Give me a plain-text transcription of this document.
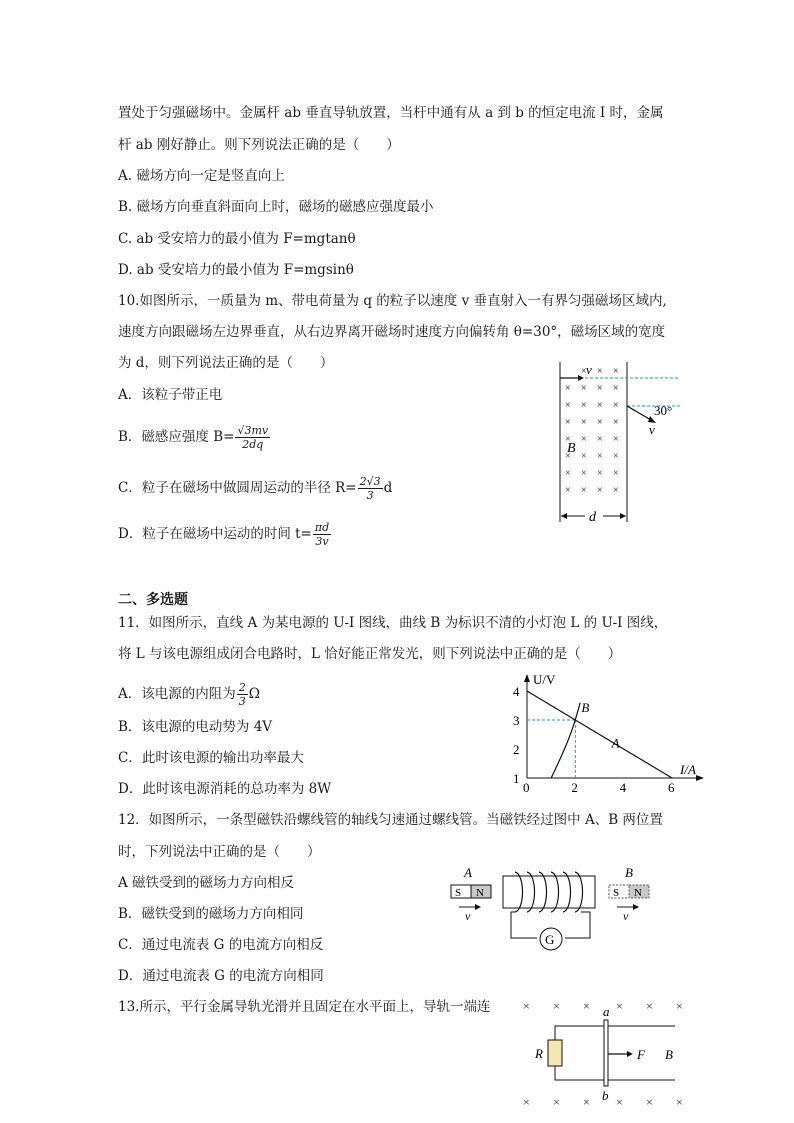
置处于匀强磁场中。金属杆 ab 垂直导轨放置，当杆中通有从 a 到 b 的恒定电流 I 时，金属
杆 ab 刚好静止。则下列说法正确的是（　　）
A. 磁场方向一定是竖直向上
B. 磁场方向垂直斜面向上时，磁场的磁感应强度最小
C. ab 受安培力的最小值为 F=mgtanθ
D. ab 受安培力的最小值为 F=mgsinθ
10.如图所示，一质量为 m、带电荷量为 q 的粒子以速度 v 垂直射入一有界匀强磁场区域内,
速度方向跟磁场左边界垂直，从右边界离开磁场时速度方向偏转角 θ=30°，磁场区域的宽度
为 d，则下列说法正确的是（　　）
A．该粒子带正电
B．磁感应强度 $B= \frac{√3mv}{2dq}$
C．粒子在磁场中做圆周运动的半径 $R= \frac{2√3}{3}$ d
D．粒子在磁场中运动的时间 $t= \frac{\pi d}{3v}$
× × ×
× × × ×
× × × ×
× × × ×
× × × ×
× × × ×
× × × ×
× × × ×
v
30°
v
B
d
二、多选题
11．如图所示，直线 A 为某电源的 U-I 图线，曲线 B 为标识不清的小灯泡 L 的 U-I 图线，
将 L 与该电源组成闭合电路时，L 恰好能正常发光，则下列说法中正确的是（　　）
A．该电源的内阻为 $\frac{2}{3}$ Ω
B．该电源的电动势为 4V
C．此时该电源的输出功率最大
D．此时该电源消耗的总功率为 8W
U/V
I/A
0	2	4	6
1
2
3
4
A
B
12．如图所示，一条型磁铁沿螺线管的轴线匀速通过螺线管。当磁铁经过图中 A、B 两位置
时，下列说法中正确的是（　　）
A 磁铁受到的磁场力方向相反
B．磁铁受到的磁场力方向相同
C．通过电流表 G 的电流方向相反
D．通过电流表 G 的电流方向相同
A
S N
v
G
B
S N
v
13.所示，平行金属导轨光滑并且固定在水平面上，导轨一端连	× × × × × ×
× × × × × ×
R
a
b
F B
